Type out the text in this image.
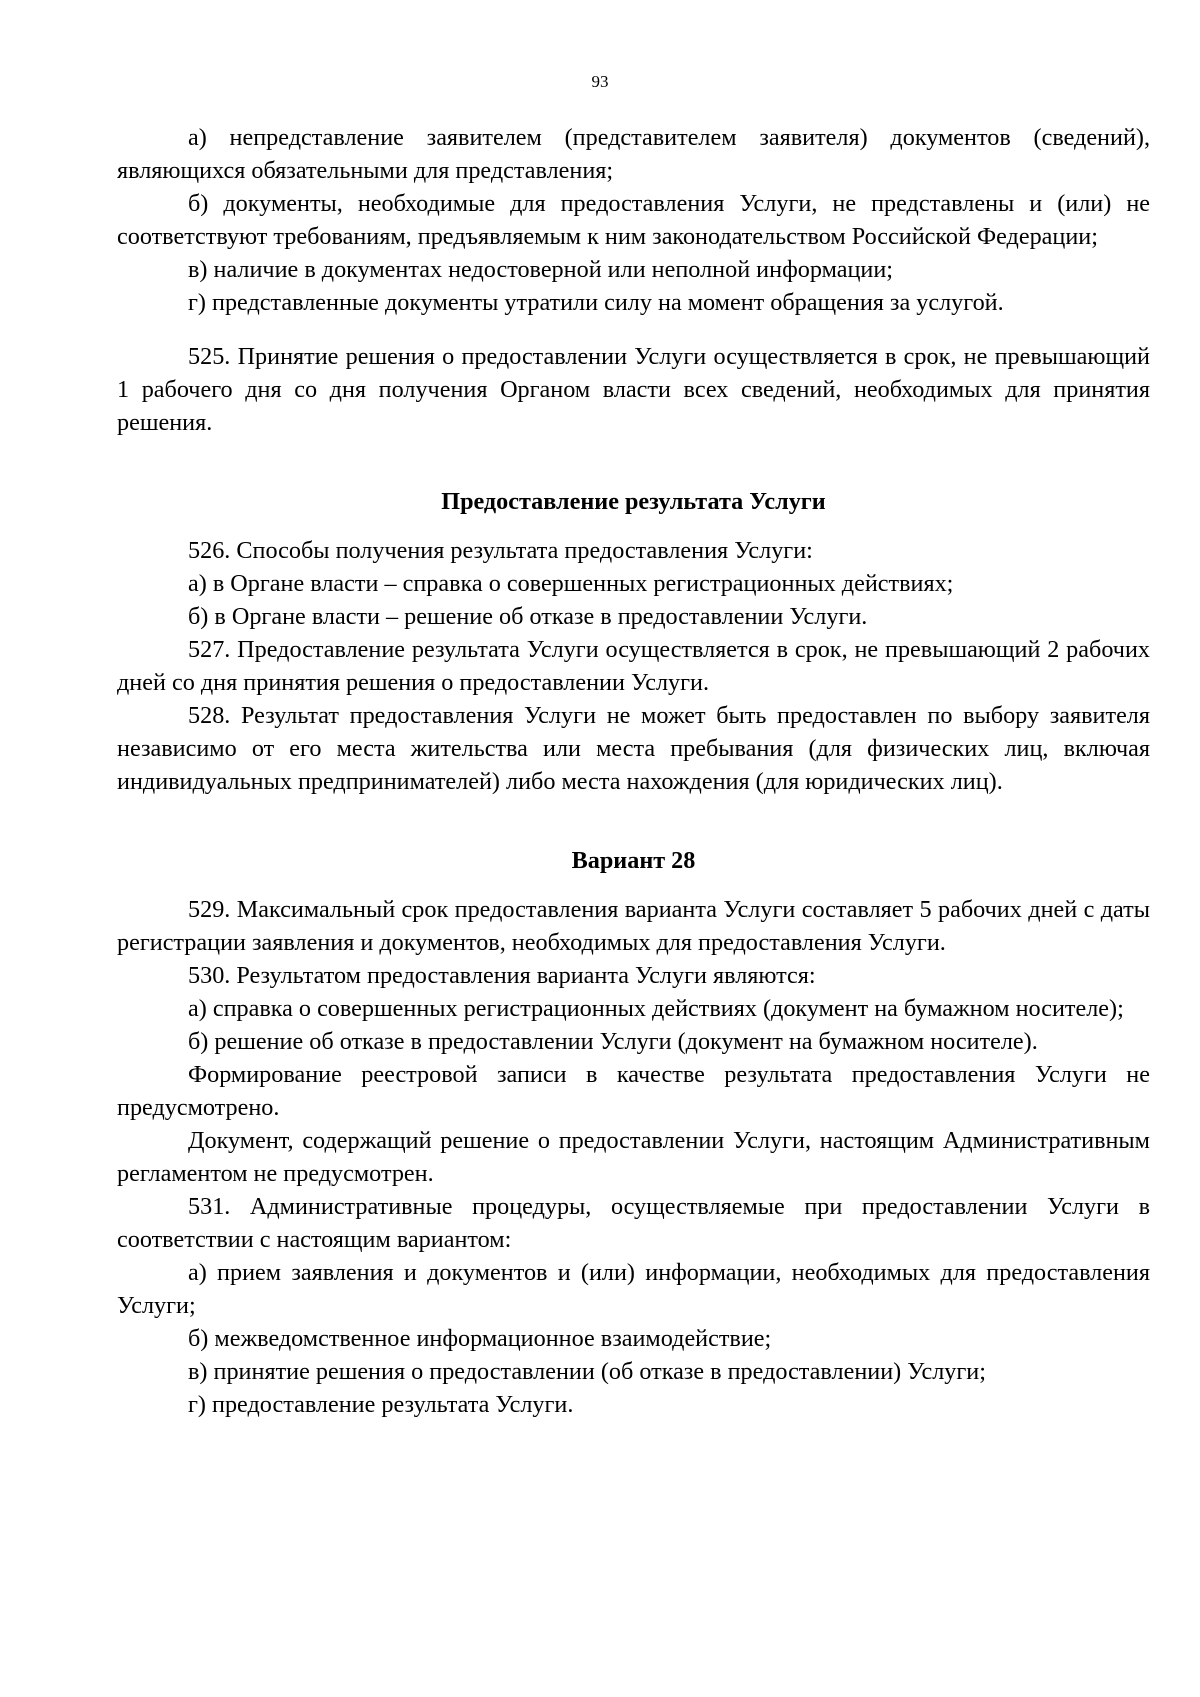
93

а) непредставление заявителем (представителем заявителя) документов (сведений), являющихся обязательными для представления;

б) документы, необходимые для предоставления Услуги, не представлены и (или) не соответствуют требованиям, предъявляемым к ним законодательством Российской Федерации;

в) наличие в документах недостоверной или неполной информации;

г) представленные документы утратили силу на момент обращения за услугой.

525. Принятие решения о предоставлении Услуги осуществляется в срок, не превышающий 1 рабочего дня со дня получения Органом власти всех сведений, необходимых для принятия решения.

Предоставление результата Услуги

526. Способы получения результата предоставления Услуги:

а) в Органе власти – справка о совершенных регистрационных действиях;

б) в Органе власти – решение об отказе в предоставлении Услуги.

527. Предоставление результата Услуги осуществляется в срок, не превышающий 2 рабочих дней со дня принятия решения о предоставлении Услуги.

528. Результат предоставления Услуги не может быть предоставлен по выбору заявителя независимо от его места жительства или места пребывания (для физических лиц, включая индивидуальных предпринимателей) либо места нахождения (для юридических лиц).

Вариант 28

529. Максимальный срок предоставления варианта Услуги составляет 5 рабочих дней с даты регистрации заявления и документов, необходимых для предоставления Услуги.

530. Результатом предоставления варианта Услуги являются:

а) справка о совершенных регистрационных действиях (документ на бумажном носителе);

б) решение об отказе в предоставлении Услуги (документ на бумажном носителе).

Формирование реестровой записи в качестве результата предоставления Услуги не предусмотрено.

Документ, содержащий решение о предоставлении Услуги, настоящим Административным регламентом не предусмотрен.

531. Административные процедуры, осуществляемые при предоставлении Услуги в соответствии с настоящим вариантом:

а) прием заявления и документов и (или) информации, необходимых для предоставления Услуги;

б) межведомственное информационное взаимодействие;

в) принятие решения о предоставлении (об отказе в предоставлении) Услуги;

г) предоставление результата Услуги.
